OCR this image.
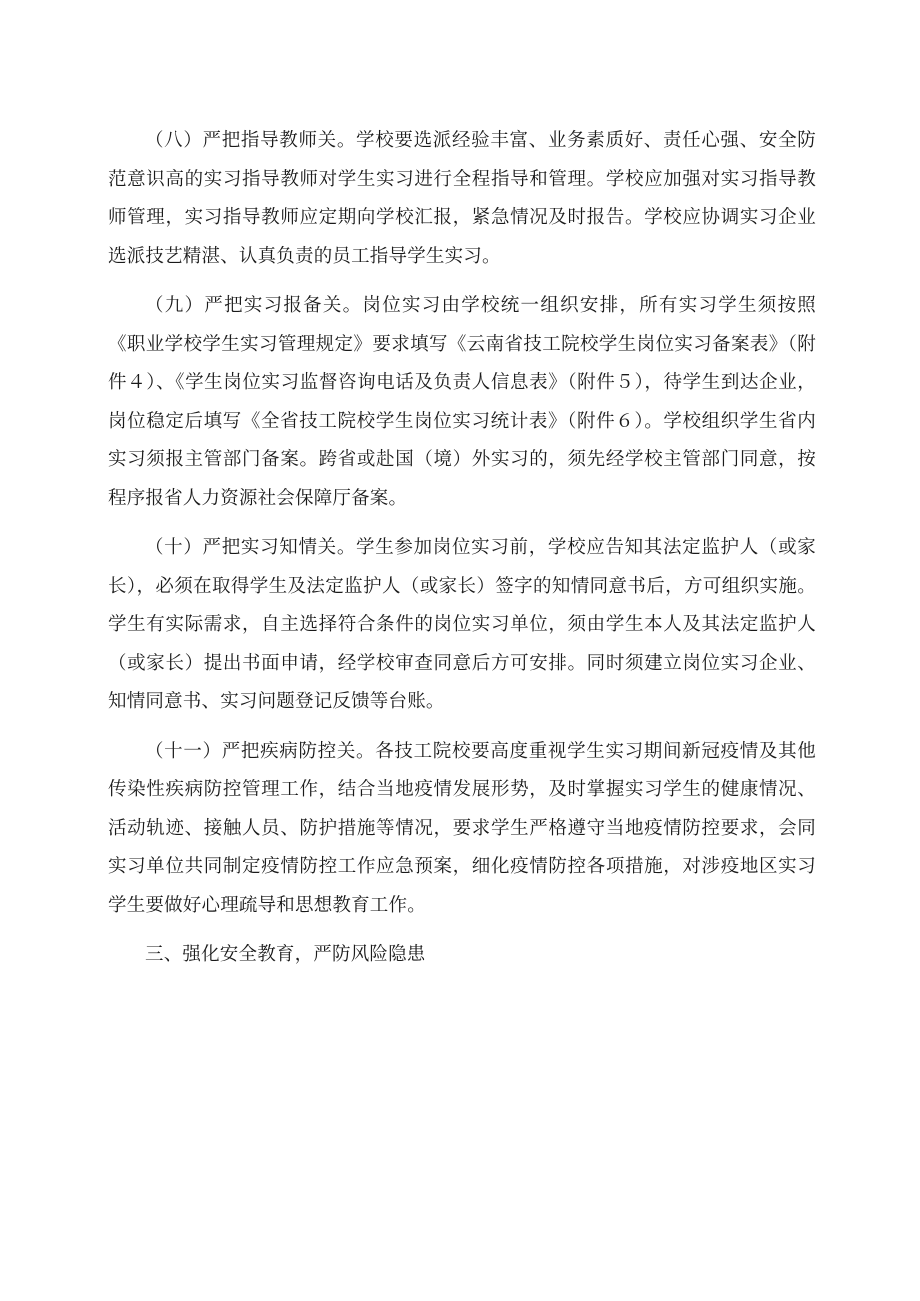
（八）严把指导教师关。学校要选派经验丰富、业务素质好、责任心强、安全防范意识高的实习指导教师对学生实习进行全程指导和管理。学校应加强对实习指导教师管理，实习指导教师应定期向学校汇报，紧急情况及时报告。学校应协调实习企业选派技艺精湛、认真负责的员工指导学生实习。

（九）严把实习报备关。岗位实习由学校统一组织安排，所有实习学生须按照《职业学校学生实习管理规定》要求填写《云南省技工院校学生岗位实习备案表》（附件４）、《学生岗位实习监督咨询电话及负责人信息表》（附件５），待学生到达企业，岗位稳定后填写《全省技工院校学生岗位实习统计表》（附件６）。学校组织学生省内实习须报主管部门备案。跨省或赴国（境）外实习的，须先经学校主管部门同意，按程序报省人力资源社会保障厅备案。

（十）严把实习知情关。学生参加岗位实习前，学校应告知其法定监护人（或家长），必须在取得学生及法定监护人（或家长）签字的知情同意书后，方可组织实施。学生有实际需求，自主选择符合条件的岗位实习单位，须由学生本人及其法定监护人（或家长）提出书面申请，经学校审查同意后方可安排。同时须建立岗位实习企业、知情同意书、实习问题登记反馈等台账。

（十一）严把疾病防控关。各技工院校要高度重视学生实习期间新冠疫情及其他传染性疾病防控管理工作，结合当地疫情发展形势，及时掌握实习学生的健康情况、活动轨迹、接触人员、防护措施等情况，要求学生严格遵守当地疫情防控要求，会同实习单位共同制定疫情防控工作应急预案，细化疫情防控各项措施，对涉疫地区实习学生要做好心理疏导和思想教育工作。

三、强化安全教育，严防风险隐患
